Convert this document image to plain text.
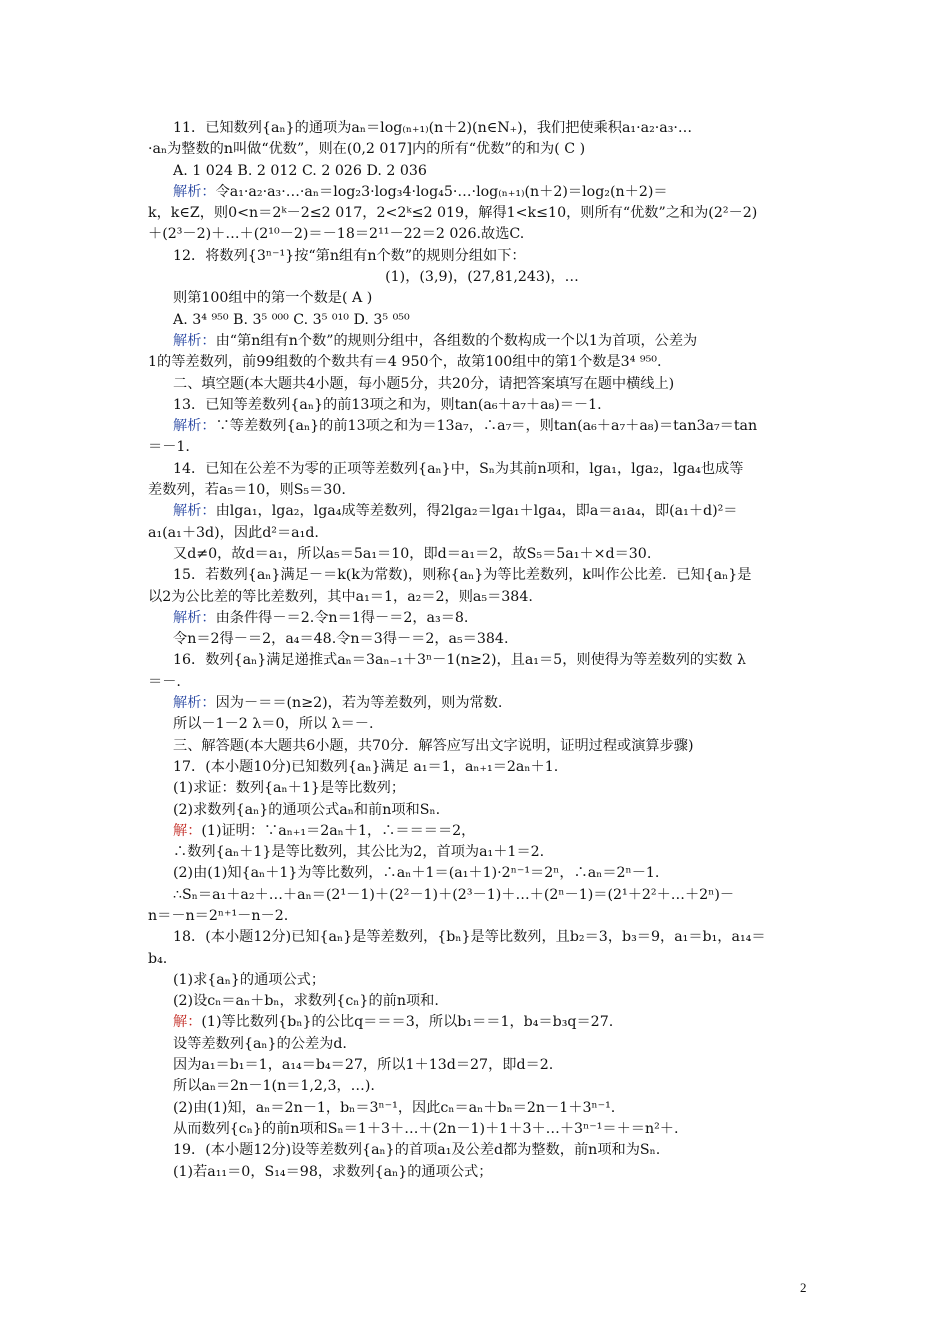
11．已知数列{aₙ}的通项为aₙ＝log₍ₙ₊₁₎(n＋2)(n∈N₊)，我们把使乘积a₁·a₂·a₃·…
·aₙ为整数的n叫做“优数”，则在(0,2 017]内的所有“优数”的和为( C )
A. 1 024 B. 2 012 C. 2 026 D. 2 036
解析：令a₁·a₂·a₃·…·aₙ＝log₂3·log₃4·log₄5·…·log₍ₙ₊₁₎(n＋2)＝log₂(n＋2)＝
k，k∈Z，则0<n＝2ᵏ－2≤2 017，2<2ᵏ≤2 019，解得1<k≤10，则所有“优数”之和为(2²－2)
＋(2³－2)＋…＋(2¹⁰－2)＝－18＝2¹¹－22＝2 026.故选C.
12．将数列{3ⁿ⁻¹}按“第n组有n个数”的规则分组如下：
(1)，(3,9)，(27,81,243)，…
则第100组中的第一个数是( A )
A. 3⁴ ⁹⁵⁰ B. 3⁵ ⁰⁰⁰ C. 3⁵ ⁰¹⁰ D. 3⁵ ⁰⁵⁰
解析：由“第n组有n个数”的规则分组中，各组数的个数构成一个以1为首项，公差为
1的等差数列，前99组数的个数共有＝4 950个，故第100组中的第1个数是3⁴ ⁹⁵⁰.
二、填空题(本大题共4小题，每小题5分，共20分，请把答案填写在题中横线上)
13．已知等差数列{aₙ}的前13项之和为，则tan(a₆＋a₇＋a₈)＝－1.
解析：∵等差数列{aₙ}的前13项之和为＝13a₇，∴a₇＝，则tan(a₆＋a₇＋a₈)＝tan3a₇＝tan
＝－1.
14．已知在公差不为零的正项等差数列{aₙ}中，Sₙ为其前n项和，lga₁，lga₂，lga₄也成等
差数列，若a₅＝10，则S₅＝30.
解析：由lga₁，lga₂，lga₄成等差数列，得2lga₂＝lga₁＋lga₄，即a＝a₁a₄，即(a₁＋d)²＝
a₁(a₁＋3d)，因此d²＝a₁d.
又d≠0，故d＝a₁，所以a₅＝5a₁＝10，即d＝a₁＝2，故S₅＝5a₁＋×d＝30.
15．若数列{aₙ}满足－＝k(k为常数)，则称{aₙ}为等比差数列，k叫作公比差．已知{aₙ}是
以2为公比差的等比差数列，其中a₁＝1，a₂＝2，则a₅＝384.
解析：由条件得－＝2.令n＝1得－＝2，a₃＝8.
令n＝2得－＝2，a₄＝48.令n＝3得－＝2，a₅＝384.
16．数列{aₙ}满足递推式aₙ＝3aₙ₋₁＋3ⁿ－1(n≥2)，且a₁＝5，则使得为等差数列的实数 λ
＝－.
解析：因为－＝＝(n≥2)，若为等差数列，则为常数.
所以－1－2 λ＝0，所以 λ＝－.
三、解答题(本大题共6小题，共70分．解答应写出文字说明，证明过程或演算步骤)
17．(本小题10分)已知数列{aₙ}满足 a₁＝1，aₙ₊₁＝2aₙ＋1.
(1)求证：数列{aₙ＋1}是等比数列；
(2)求数列{aₙ}的通项公式aₙ和前n项和Sₙ.
解：(1)证明：∵aₙ₊₁＝2aₙ＋1，∴＝＝＝＝2，
∴数列{aₙ＋1}是等比数列，其公比为2，首项为a₁＋1＝2.
(2)由(1)知{aₙ＋1}为等比数列，∴aₙ＋1＝(a₁＋1)·2ⁿ⁻¹＝2ⁿ，∴aₙ＝2ⁿ－1.
∴Sₙ＝a₁＋a₂＋…＋aₙ＝(2¹－1)＋(2²－1)＋(2³－1)＋…＋(2ⁿ－1)＝(2¹＋2²＋…＋2ⁿ)－
n＝－n＝2ⁿ⁺¹－n－2.
18．(本小题12分)已知{aₙ}是等差数列，{bₙ}是等比数列，且b₂＝3，b₃＝9，a₁＝b₁，a₁₄＝
b₄.
(1)求{aₙ}的通项公式；
(2)设cₙ＝aₙ＋bₙ，求数列{cₙ}的前n项和.
解：(1)等比数列{bₙ}的公比q＝＝＝3，所以b₁＝＝1，b₄＝b₃q＝27.
设等差数列{aₙ}的公差为d.
因为a₁＝b₁＝1，a₁₄＝b₄＝27，所以1＋13d＝27，即d＝2.
所以aₙ＝2n－1(n＝1,2,3，…).
(2)由(1)知，aₙ＝2n－1，bₙ＝3ⁿ⁻¹，因此cₙ＝aₙ＋bₙ＝2n－1＋3ⁿ⁻¹.
从而数列{cₙ}的前n项和Sₙ＝1＋3＋…＋(2n－1)＋1＋3＋…＋3ⁿ⁻¹＝＋＝n²＋.
19．(本小题12分)设等差数列{aₙ}的首项a₁及公差d都为整数，前n项和为Sₙ.
(1)若a₁₁＝0，S₁₄＝98，求数列{aₙ}的通项公式；
2
